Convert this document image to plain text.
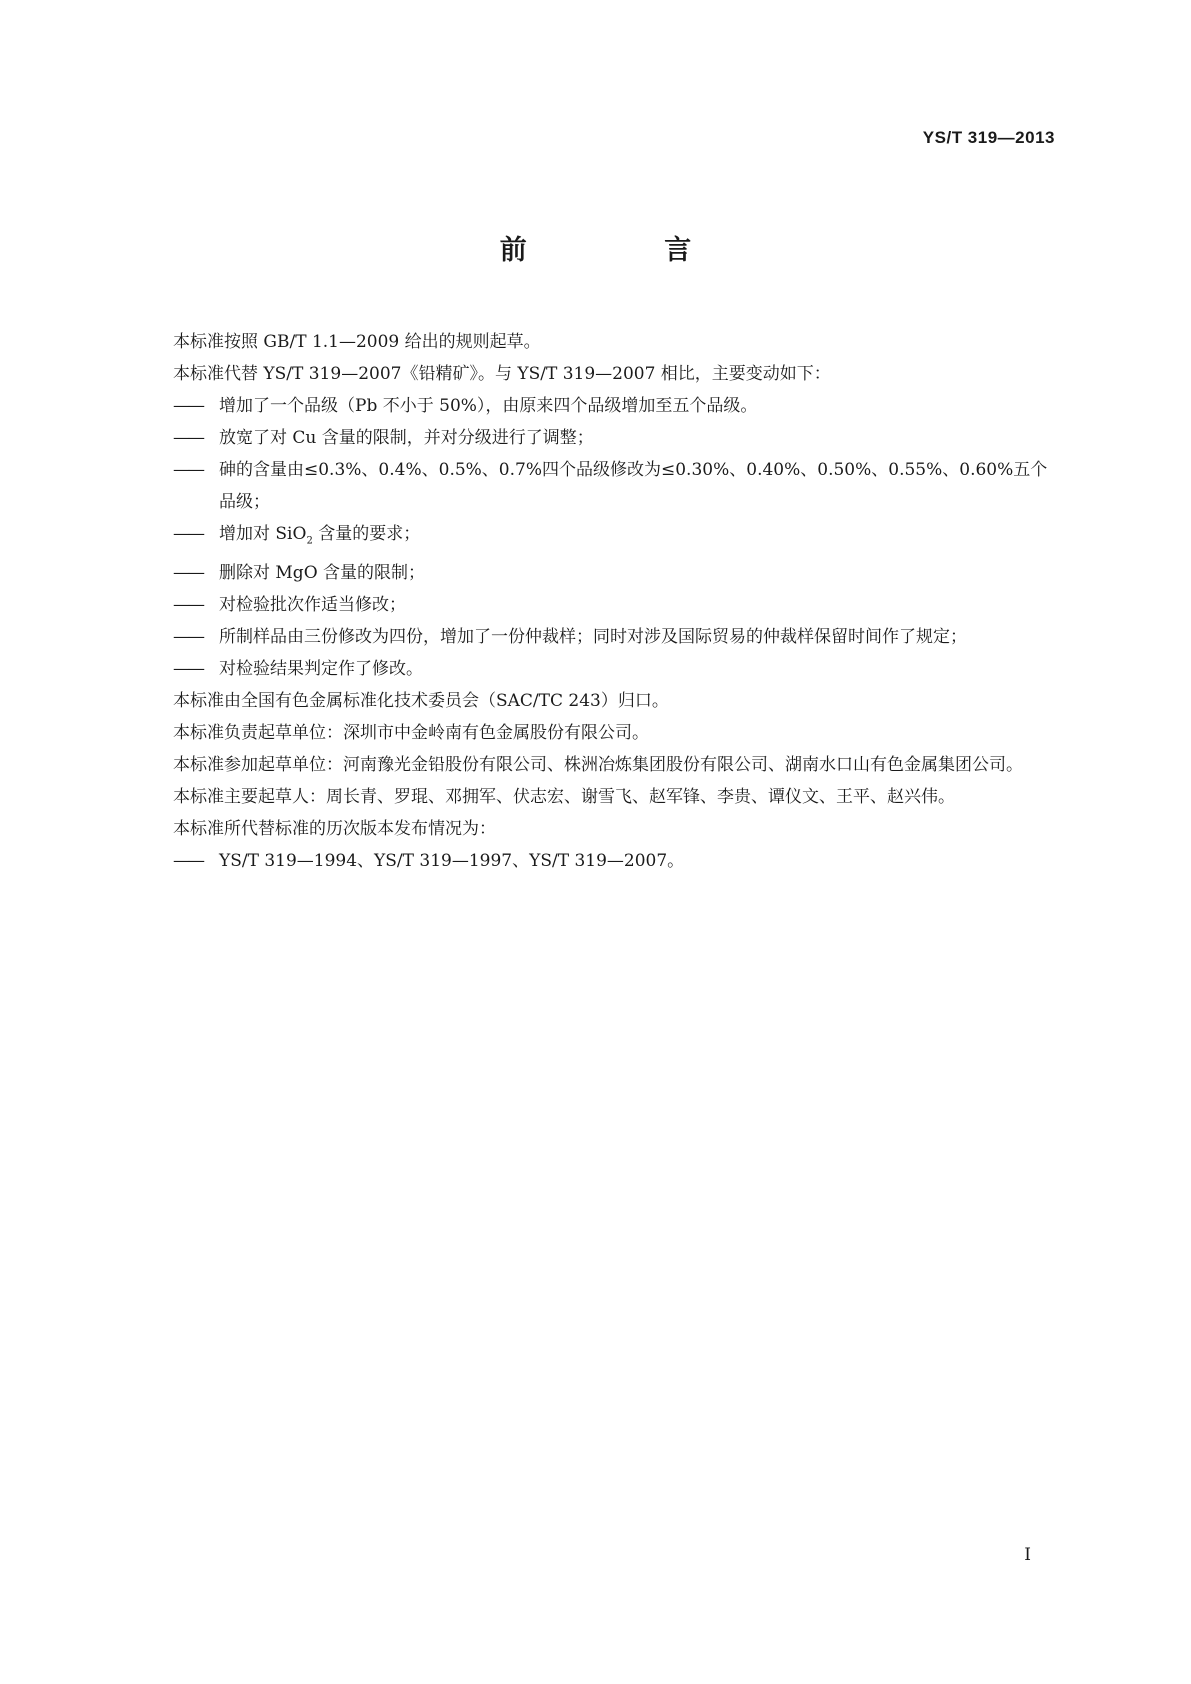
YS/T 319—2013
前 言

本标准按照 GB/T 1.1—2009 给出的规则起草。

本标准代替 YS/T 319—2007《铅精矿》。与 YS/T 319—2007 相比，主要变动如下：

—— 增加了一个品级（Pb 不小于 50%），由原来四个品级增加至五个品级。

—— 放宽了对 Cu 含量的限制，并对分级进行了调整；

—— 砷的含量由≤0.3%、0.4%、0.5%、0.7%四个品级修改为≤0.30%、0.40%、0.50%、0.55%、0.60%五个品级；

—— 增加对 SiO$_2$ 含量的要求；

—— 删除对 MgO 含量的限制；

—— 对检验批次作适当修改；

—— 所制样品由三份修改为四份，增加了一份仲裁样；同时对涉及国际贸易的仲裁样保留时间作了规定；

—— 对检验结果判定作了修改。

本标准由全国有色金属标准化技术委员会（SAC/TC 243）归口。

本标准负责起草单位：深圳市中金岭南有色金属股份有限公司。

本标准参加起草单位：河南豫光金铅股份有限公司、株洲冶炼集团股份有限公司、湖南水口山有色金属集团公司。

本标准主要起草人：周长青、罗琨、邓拥军、伏志宏、谢雪飞、赵军锋、李贵、谭仪文、王平、赵兴伟。

本标准所代替标准的历次版本发布情况为：

—— YS/T 319—1994、YS/T 319—1997、YS/T 319—2007。

I
